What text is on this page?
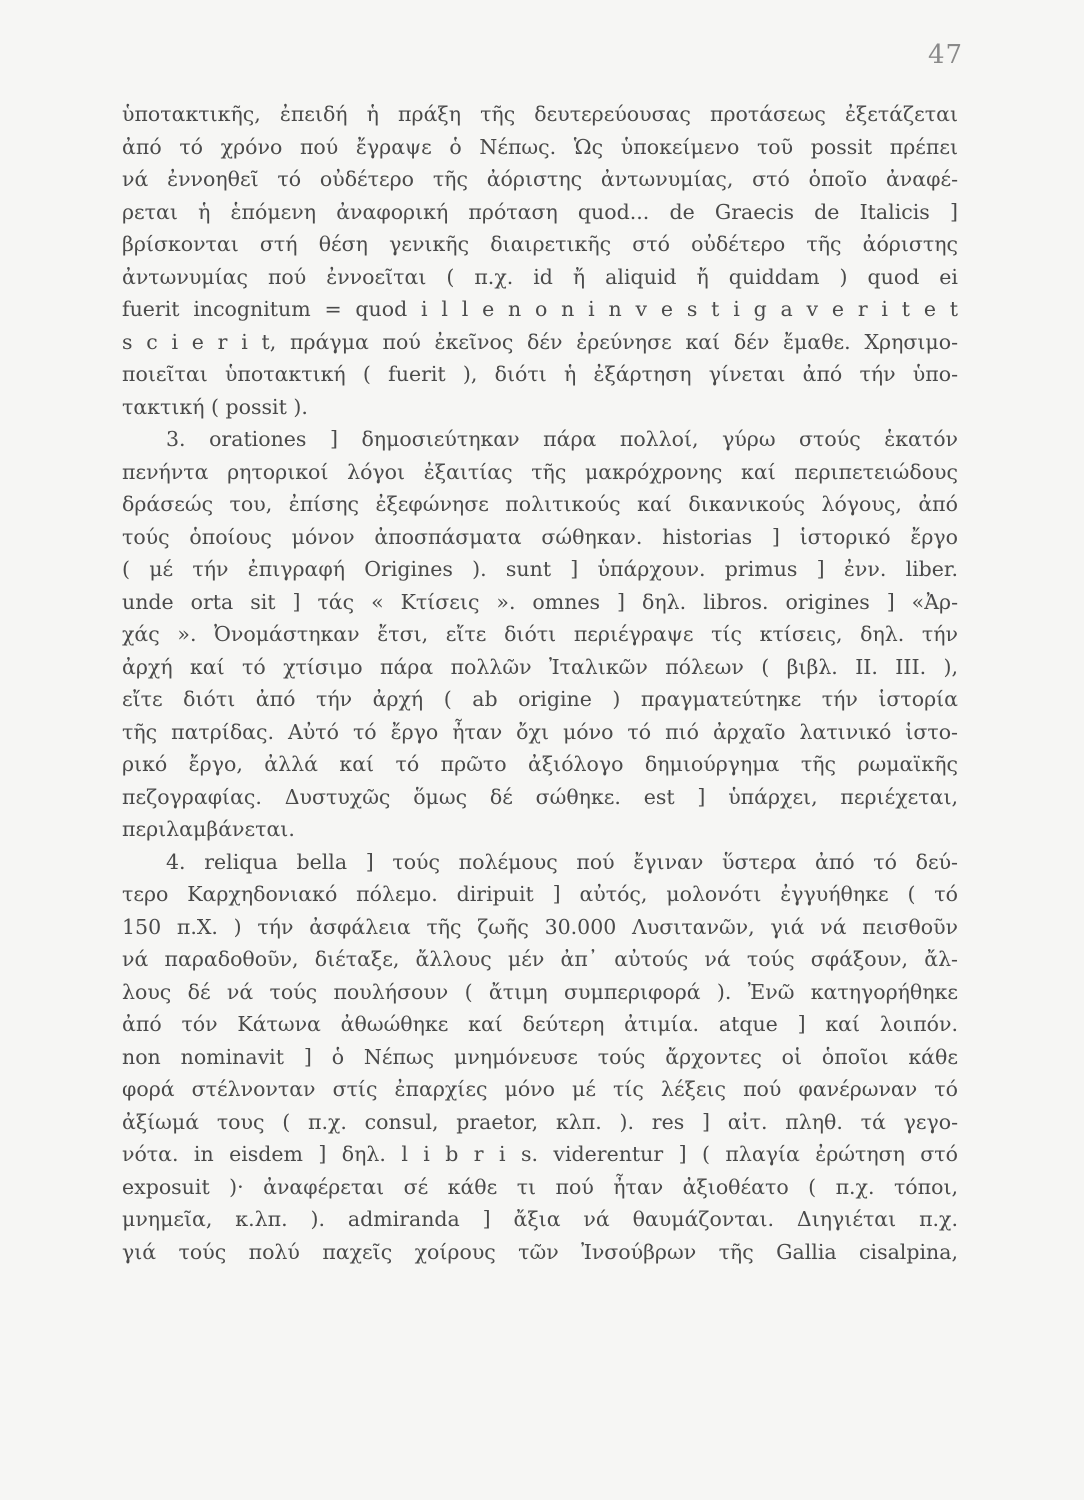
47
ὑποτακτικῆς, ἐπειδή ἡ πράξη τῆς δευτερεύουσας προτάσεως ἐξετάζεται
ἀπό τό χρόνο πού ἔγραψε ὁ Νέπως. Ὡς ὑποκείμενο τοῦ possit πρέπει
νά ἐννοηθεῖ τό οὐδέτερο τῆς ἀόριστης ἀντωνυμίας, στό ὁποῖο ἀναφέ-
ρεται ἡ ἑπόμενη ἀναφορική πρόταση quod... de Graecis de Italicis ]
βρίσκονται στή θέση γενικῆς διαιρετικῆς στό οὐδέτερο τῆς ἀόριστης
ἀντωνυμίας πού ἐννοεῖται ( π.χ. id ἤ aliquid ἤ quiddam ) quod ei
fuerit incognitum = quod i l l e n o n i n v e s t i g a v e r i t e t
s c i e r i t, πράγμα πού ἐκεῖνος δέν ἐρεύνησε καί δέν ἔμαθε. Χρησιμο-
ποιεῖται ὑποτακτική ( fuerit ), διότι ἡ ἐξάρτηση γίνεται ἀπό τήν ὑπο-
τακτική ( possit ).
3. orationes ] δημοσιεύτηκαν πάρα πολλοί, γύρω στούς ἑκατόν
πενήντα ρητορικοί λόγοι ἐξαιτίας τῆς μακρόχρονης καί περιπετειώδους
δράσεώς του, ἐπίσης ἐξεφώνησε πολιτικούς καί δικανικούς λόγους, ἀπό
τούς ὁποίους μόνον ἀποσπάσματα σώθηκαν. historias ] ἱστορικό ἔργο
( μέ τήν ἐπιγραφή Origines ). sunt ] ὑπάρχουν. primus ] ἐνν. liber.
unde orta sit ] τάς « Κτίσεις ». omnes ] δηλ. libros. origines ] «Ἀρ-
χάς ». Ὀνομάστηκαν ἔτσι, εἴτε διότι περιέγραψε τίς κτίσεις, δηλ. τήν
ἀρχή καί τό χτίσιμο πάρα πολλῶν Ἰταλικῶν πόλεων ( βιβλ. II. III. ),
εἴτε διότι ἀπό τήν ἀρχή ( ab origine ) πραγματεύτηκε τήν ἱστορία
τῆς πατρίδας. Αὐτό τό ἔργο ἦταν ὄχι μόνο τό πιό ἀρχαῖο λατινικό ἱστο-
ρικό ἔργο, ἀλλά καί τό πρῶτο ἀξιόλογο δημιούργημα τῆς ρωμαϊκῆς
πεζογραφίας. Δυστυχῶς ὅμως δέ σώθηκε. est ] ὑπάρχει, περιέχεται,
περιλαμβάνεται.
4. reliqua bella ] τούς πολέμους πού ἔγιναν ὕστερα ἀπό τό δεύ-
τερο Καρχηδονιακό πόλεμο. diripuit ] αὐτός, μολονότι ἐγγυήθηκε ( τό
150 π.Χ. ) τήν ἀσφάλεια τῆς ζωῆς 30.000 Λυσιτανῶν, γιά νά πεισθοῦν
νά παραδοθοῦν, διέταξε, ἄλλους μέν ἀπ᾽ αὐτούς νά τούς σφάξουν, ἄλ-
λους δέ νά τούς πουλήσουν ( ἄτιμη συμπεριφορά ). Ἐνῶ κατηγορήθηκε
ἀπό τόν Κάτωνα ἀθωώθηκε καί δεύτερη ἀτιμία. atque ] καί λοιπόν.
non nominavit ] ὁ Νέπως μνημόνευσε τούς ἄρχοντες οἱ ὁποῖοι κάθε
φορά στέλνονταν στίς ἐπαρχίες μόνο μέ τίς λέξεις πού φανέρωναν τό
ἀξίωμά τους ( π.χ. consul, praetor, κλπ. ). res ] αἰτ. πληθ. τά γεγο-
νότα. in eisdem ] δηλ. l i b r i s. viderentur ] ( πλαγία ἐρώτηση στό
exposuit )· ἀναφέρεται σέ κάθε τι πού ἦταν ἀξιοθέατο ( π.χ. τόποι,
μνημεῖα, κ.λπ. ). admiranda ] ἄξια νά θαυμάζονται. Διηγιέται π.χ.
γιά τούς πολύ παχεῖς χοίρους τῶν Ἰνσούβρων τῆς Gallia cisalpina,
